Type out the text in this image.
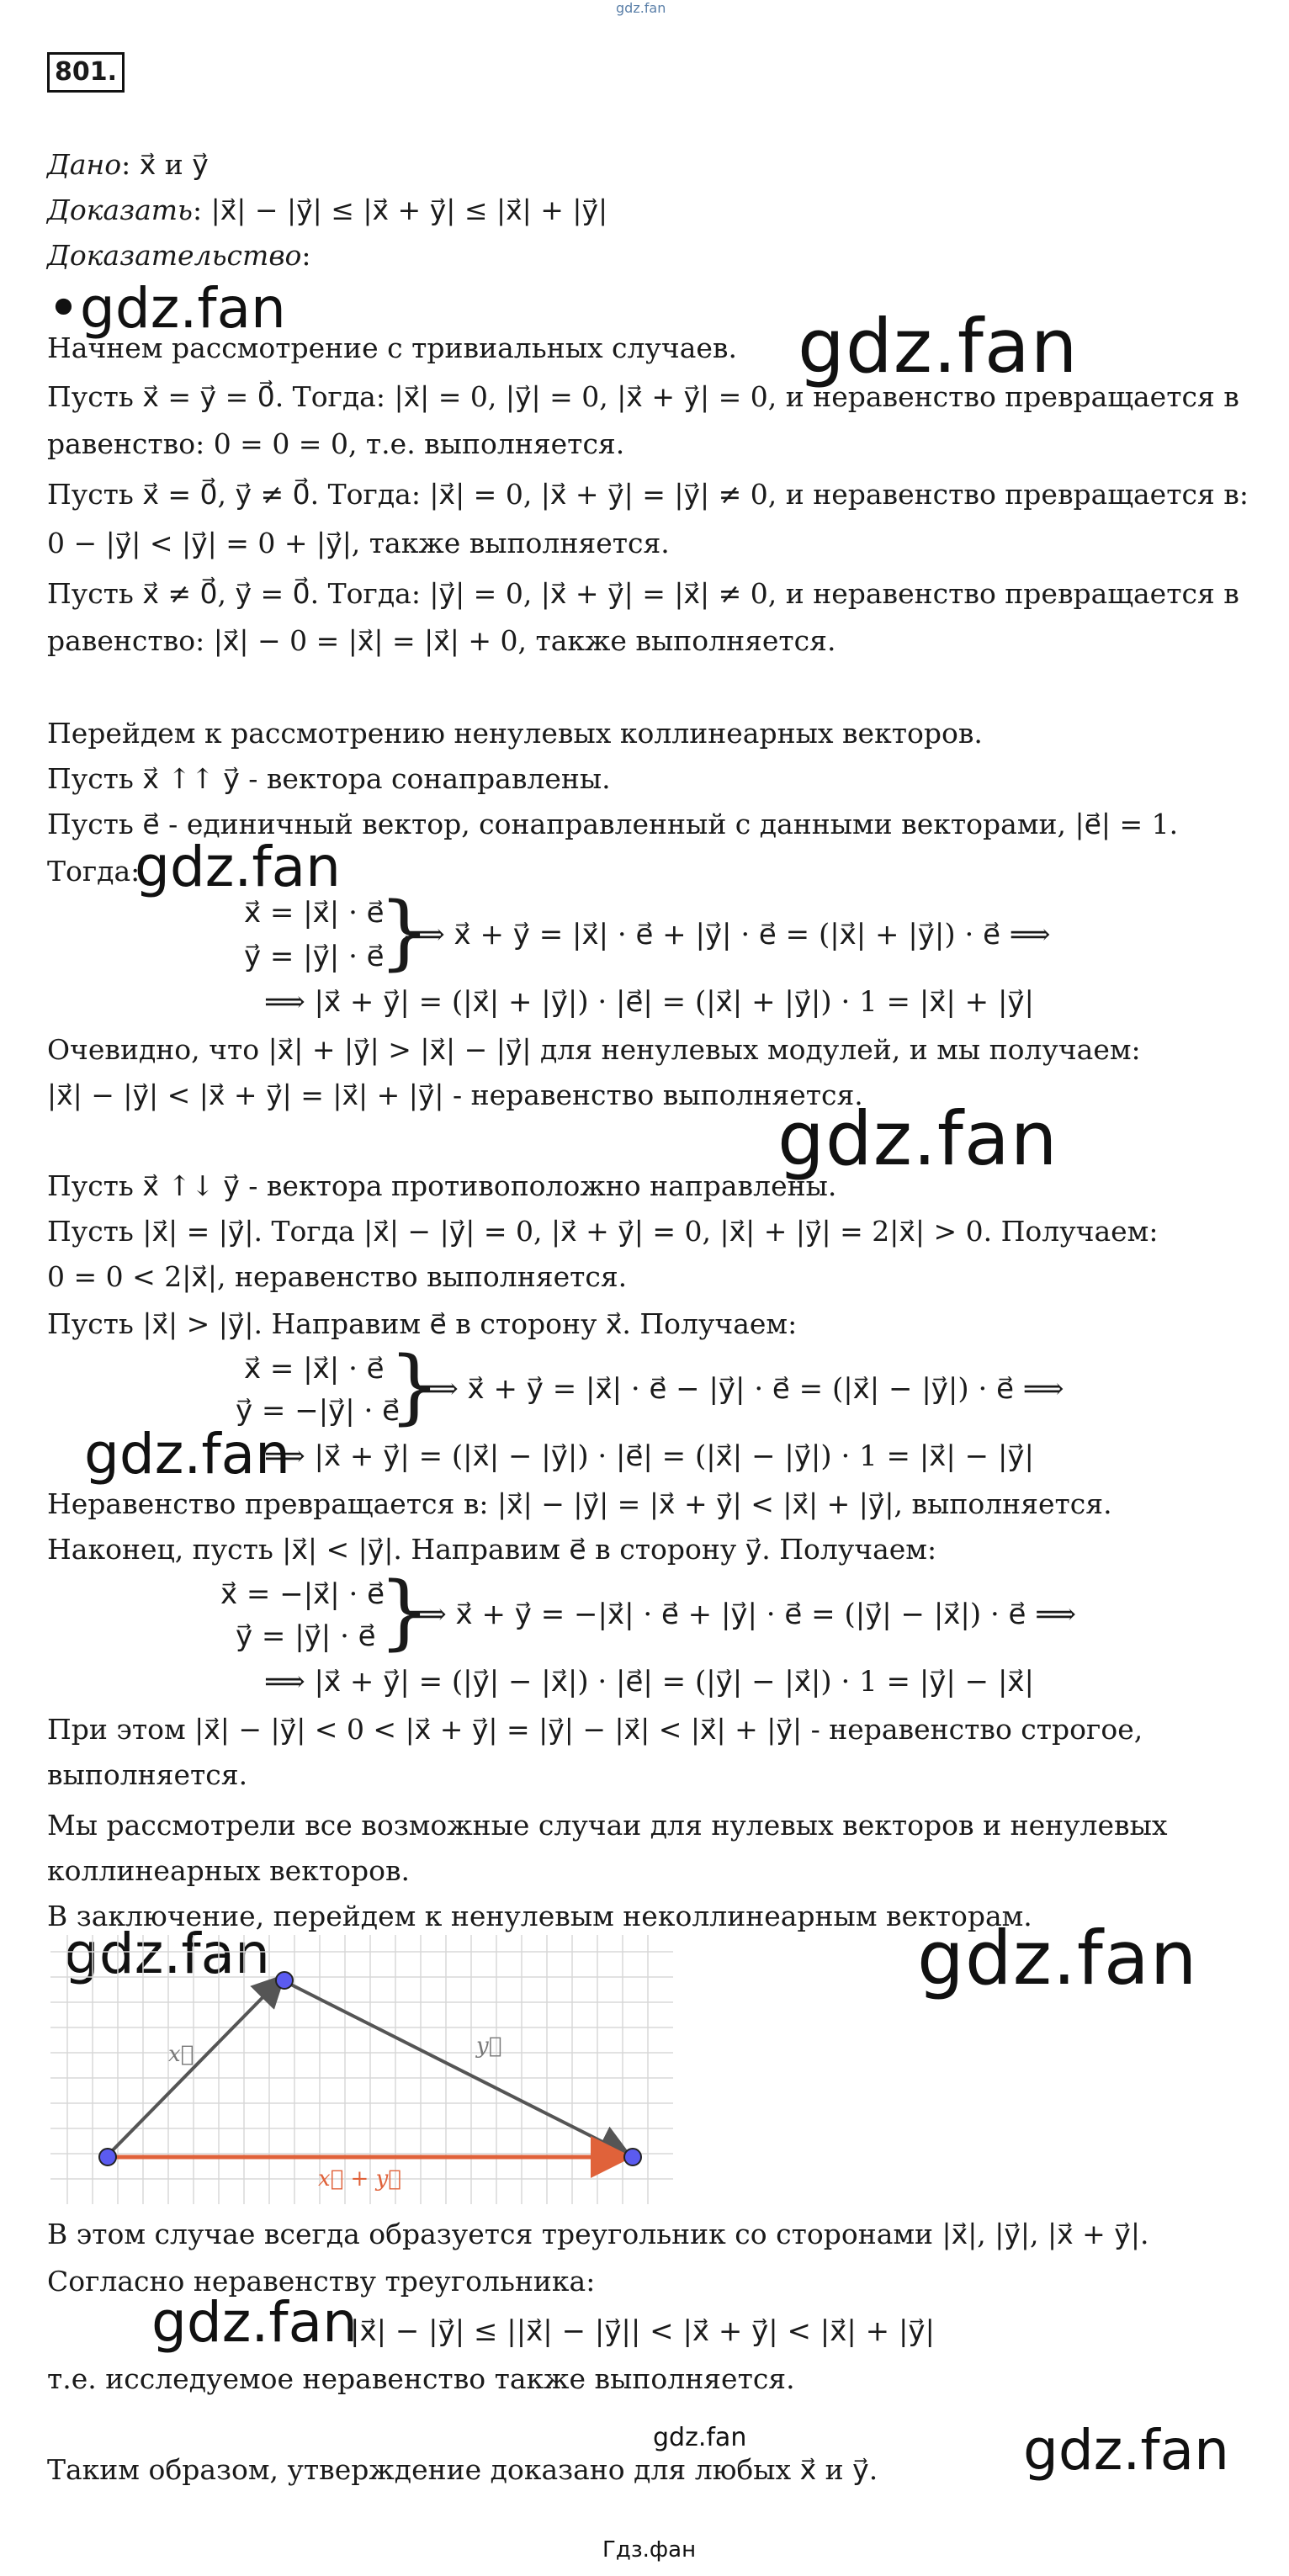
gdz.fan
801.
Дано: x⃗ и y⃗
Доказать: |x⃗| − |y⃗| ≤ |x⃗ + y⃗| ≤ |x⃗| + |y⃗|
Доказательство:
•gdz.fan	gdz.fan
Начнем рассмотрение с тривиальных случаев.
Пусть x⃗ = y⃗ = 0⃗. Тогда: |x⃗| = 0, |y⃗| = 0, |x⃗ + y⃗| = 0, и неравенство превращается в
равенство: 0 = 0 = 0, т.е. выполняется.
Пусть x⃗ = 0⃗, y⃗ ≠ 0⃗. Тогда: |x⃗| = 0, |x⃗ + y⃗| = |y⃗| ≠ 0, и неравенство превращается в:
0 − |y⃗| < |y⃗| = 0 + |y⃗|, также выполняется.
Пусть x⃗ ≠ 0⃗, y⃗ = 0⃗. Тогда: |y⃗| = 0, |x⃗ + y⃗| = |x⃗| ≠ 0, и неравенство превращается в
равенство: |x⃗| − 0 = |x⃗| = |x⃗| + 0, также выполняется.
Перейдем к рассмотрению ненулевых коллинеарных векторов.
Пусть x⃗ ↑↑ y⃗ - вектора сонаправлены.
Пусть e⃗ - единичный вектор, сонаправленный с данными векторами, |e⃗| = 1.
Тогда:
gdz.fan
x⃗ = |x⃗| · e⃗
y⃗ = |y⃗| · e⃗
}
⟹ x⃗ + y⃗ = |x⃗| · e⃗ + |y⃗| · e⃗ = (|x⃗| + |y⃗|) · e⃗ ⟹
⟹ |x⃗ + y⃗| = (|x⃗| + |y⃗|) · |e⃗| = (|x⃗| + |y⃗|) · 1 = |x⃗| + |y⃗|
Очевидно, что |x⃗| + |y⃗| > |x⃗| − |y⃗| для ненулевых модулей, и мы получаем:
|x⃗| − |y⃗| < |x⃗ + y⃗| = |x⃗| + |y⃗| - неравенство выполняется.
gdz.fan
Пусть x⃗ ↑↓ y⃗ - вектора противоположно направлены.
Пусть |x⃗| = |y⃗|. Тогда |x⃗| − |y⃗| = 0, |x⃗ + y⃗| = 0, |x⃗| + |y⃗| = 2|x⃗| > 0. Получаем:
0 = 0 < 2|x⃗|, неравенство выполняется.
Пусть |x⃗| > |y⃗|. Направим e⃗ в сторону x⃗. Получаем:
x⃗ = |x⃗| · e⃗
y⃗ = −|y⃗| · e⃗
}
⟹ x⃗ + y⃗ = |x⃗| · e⃗ − |y⃗| · e⃗ = (|x⃗| − |y⃗|) · e⃗ ⟹
⟹ |x⃗ + y⃗| = (|x⃗| − |y⃗|) · |e⃗| = (|x⃗| − |y⃗|) · 1 = |x⃗| − |y⃗|
gdz.fan
Неравенство превращается в: |x⃗| − |y⃗| = |x⃗ + y⃗| < |x⃗| + |y⃗|, выполняется.
Наконец, пусть |x⃗| < |y⃗|. Направим e⃗ в сторону y⃗. Получаем:
x⃗ = −|x⃗| · e⃗
y⃗ = |y⃗| · e⃗ }
⟹ x⃗ + y⃗ = −|x⃗| · e⃗ + |y⃗| · e⃗ = (|y⃗| − |x⃗|) · e⃗ ⟹
⟹ |x⃗ + y⃗| = (|y⃗| − |x⃗|) · |e⃗| = (|y⃗| − |x⃗|) · 1 = |y⃗| − |x⃗|
При этом |x⃗| − |y⃗| < 0 < |x⃗ + y⃗| = |y⃗| − |x⃗| < |x⃗| + |y⃗| - неравенство строгое,
выполняется.
Мы рассмотрели все возможные случаи для нулевых векторов и ненулевых
коллинеарных векторов.
В заключение, перейдем к ненулевым неколлинеарным векторам.
gdz.fan	gdz.fan
x⃗	y⃗
x⃗ + y⃗
В этом случае всегда образуется треугольник со сторонами |x⃗|, |y⃗|, |x⃗ + y⃗|.
Согласно неравенству треугольника:
gdz.fan
|x⃗| − |y⃗| ≤ ||x⃗| − |y⃗|| < |x⃗ + y⃗| < |x⃗| + |y⃗|
т.е. исследуемое неравенство также выполняется.
gdz.fan
Таким образом, утверждение доказано для любых x⃗ и y⃗.	gdz.fan
Гдз.фан
